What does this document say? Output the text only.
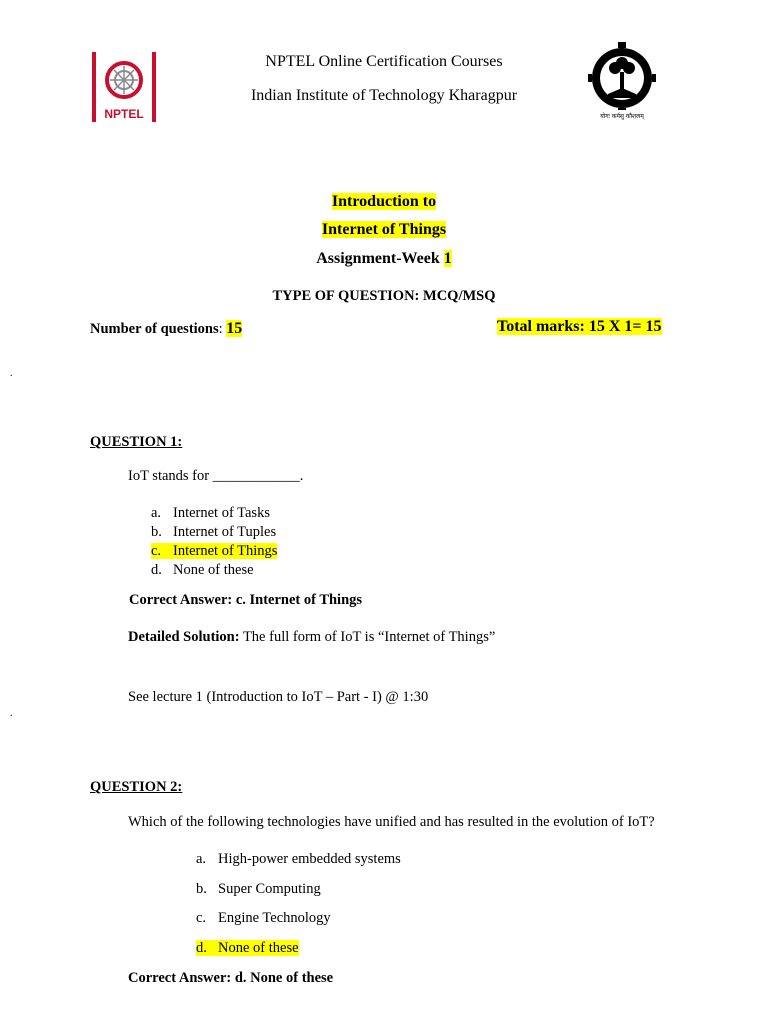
NPTEL	योगः कर्मसु कौशलम्
NPTEL Online Certification Courses
Indian Institute of Technology Kharagpur
Introduction to
Internet of Things
Assignment-Week 1
TYPE OF QUESTION: MCQ/MSQ
Number of questions: 15	Total marks: 15 X 1= 15
.
QUESTION 1:
IoT stands for ____________.
a. Internet of Tasks
b. Internet of Tuples
c. Internet of Things
d. None of these
Correct Answer: c. Internet of Things
Detailed Solution: The full form of IoT is “Internet of Things”
See lecture 1 (Introduction to IoT – Part - I) @ 1:30
.
QUESTION 2:
Which of the following technologies have unified and has resulted in the evolution of IoT?
a. High-power embedded systems
b. Super Computing
c. Engine Technology
d. None of these
Correct Answer: d. None of these
